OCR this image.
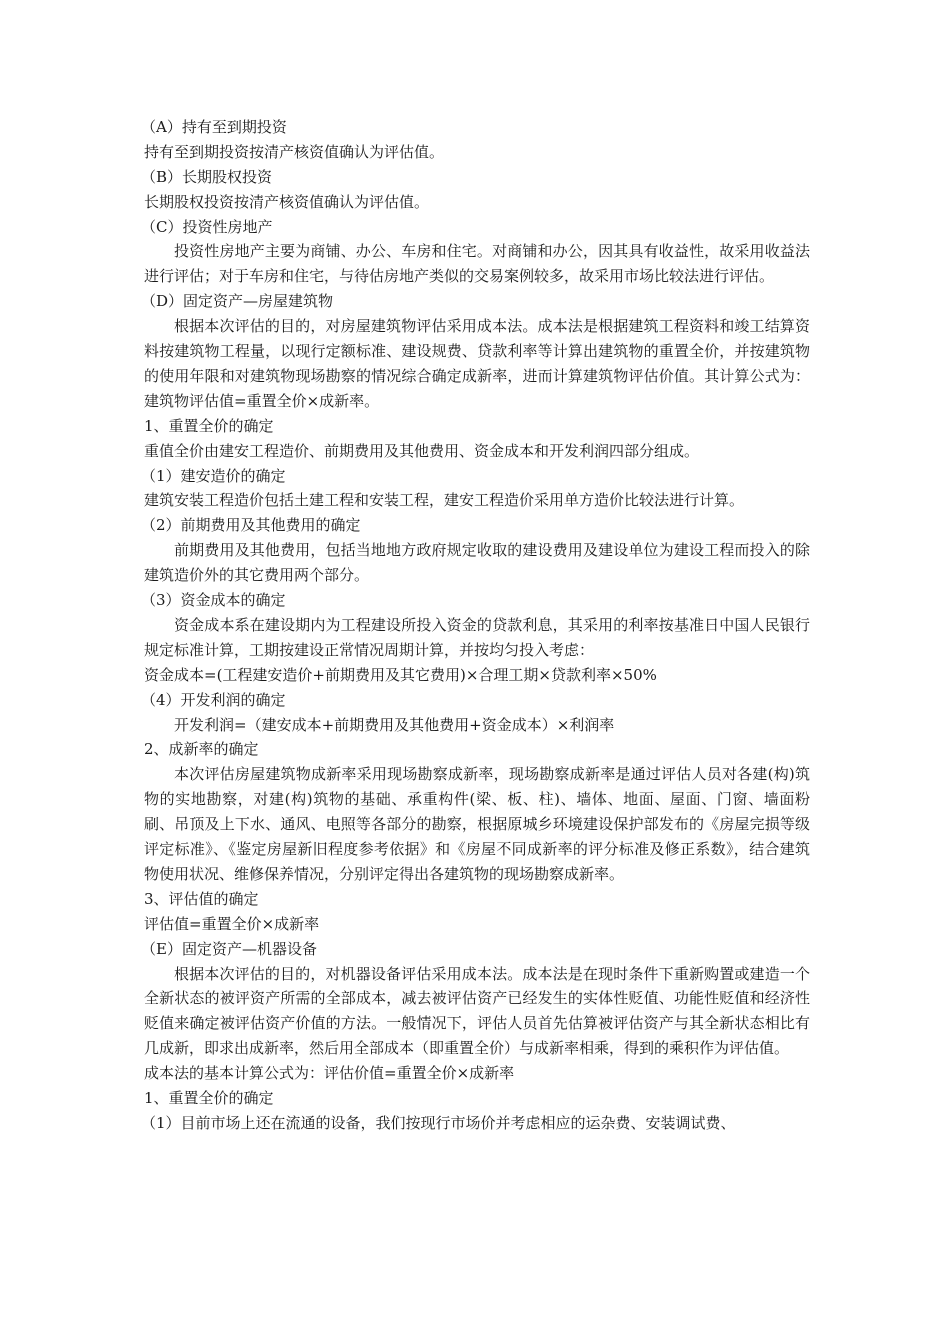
（A）持有至到期投资
持有至到期投资按清产核资值确认为评估值。
（B）长期股权投资
长期股权投资按清产核资值确认为评估值。
（C）投资性房地产
投资性房地产主要为商铺、办公、车房和住宅。对商铺和办公，因其具有收益性，故采用收益法进行评估；对于车房和住宅，与待估房地产类似的交易案例较多，故采用市场比较法进行评估。
（D）固定资产—房屋建筑物
根据本次评估的目的，对房屋建筑物评估采用成本法。成本法是根据建筑工程资料和竣工结算资料按建筑物工程量，以现行定额标准、建设规费、贷款利率等计算出建筑物的重置全价，并按建筑物的使用年限和对建筑物现场勘察的情况综合确定成新率，进而计算建筑物评估价值。其计算公式为：建筑物评估值=重置全价×成新率。
1、重置全价的确定
重值全价由建安工程造价、前期费用及其他费用、资金成本和开发利润四部分组成。
（1）建安造价的确定
建筑安装工程造价包括土建工程和安装工程，建安工程造价采用单方造价比较法进行计算。
（2）前期费用及其他费用的确定
前期费用及其他费用，包括当地地方政府规定收取的建设费用及建设单位为建设工程而投入的除建筑造价外的其它费用两个部分。
（3）资金成本的确定
资金成本系在建设期内为工程建设所投入资金的贷款利息，其采用的利率按基准日中国人民银行规定标准计算，工期按建设正常情况周期计算，并按均匀投入考虑：
资金成本=(工程建安造价+前期费用及其它费用)×合理工期×贷款利率×50%
（4）开发利润的确定
开发利润=（建安成本+前期费用及其他费用+资金成本）×利润率
2、成新率的确定
本次评估房屋建筑物成新率采用现场勘察成新率，现场勘察成新率是通过评估人员对各建(构)筑物的实地勘察，对建(构)筑物的基础、承重构件(梁、板、柱)、墙体、地面、屋面、门窗、墙面粉刷、吊顶及上下水、通风、电照等各部分的勘察，根据原城乡环境建设保护部发布的《房屋完损等级评定标准》、《鉴定房屋新旧程度参考依据》和《房屋不同成新率的评分标准及修正系数》，结合建筑物使用状况、维修保养情况，分别评定得出各建筑物的现场勘察成新率。
3、评估值的确定
评估值=重置全价×成新率
（E）固定资产—机器设备
根据本次评估的目的，对机器设备评估采用成本法。成本法是在现时条件下重新购置或建造一个全新状态的被评资产所需的全部成本，减去被评估资产已经发生的实体性贬值、功能性贬值和经济性贬值来确定被评估资产价值的方法。一般情况下，评估人员首先估算被评估资产与其全新状态相比有几成新，即求出成新率，然后用全部成本（即重置全价）与成新率相乘，得到的乘积作为评估值。
成本法的基本计算公式为：评估价值=重置全价×成新率
1、重置全价的确定
（1）目前市场上还在流通的设备，我们按现行市场价并考虑相应的运杂费、安装调试费、
